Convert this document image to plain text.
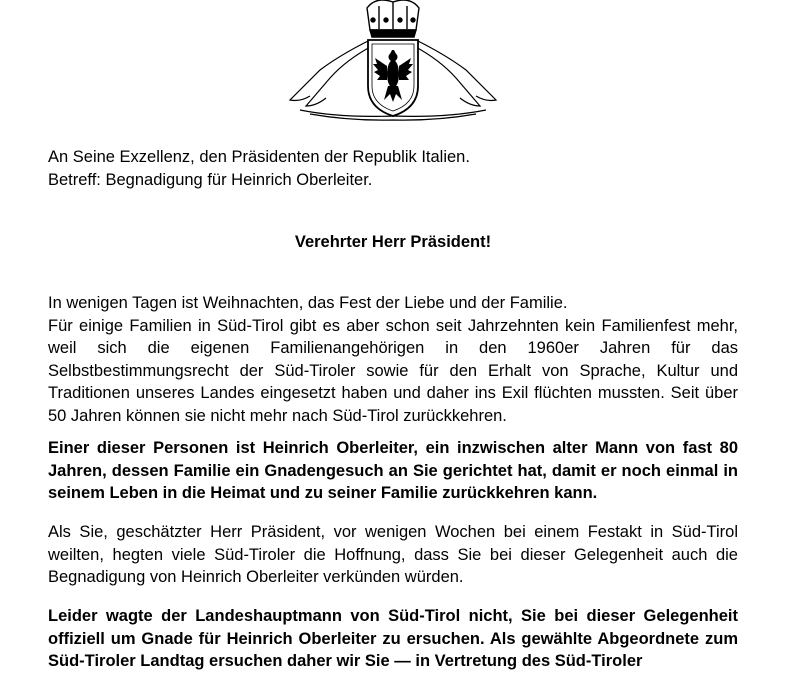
An Seine Exzellenz, den Präsidenten der Republik Italien.
Betreff: Begnadigung für Heinrich Oberleiter.

Verehrter Herr Präsident!

In wenigen Tagen ist Weihnachten, das Fest der Liebe und der Familie.

Für einige Familien in Süd-Tirol gibt es aber schon seit Jahrzehnten kein Familienfest mehr, weil sich die eigenen Familienangehörigen in den 1960er Jahren für das Selbstbestimmungsrecht der Süd-Tiroler sowie für den Erhalt von Sprache, Kultur und Traditionen unseres Landes eingesetzt haben und daher ins Exil flüchten mussten. Seit über 50 Jahren können sie nicht mehr nach Süd-Tirol zurückkehren.

Einer dieser Personen ist Heinrich Oberleiter, ein inzwischen alter Mann von fast 80 Jahren, dessen Familie ein Gnadengesuch an Sie gerichtet hat, damit er noch einmal in seinem Leben in die Heimat und zu seiner Familie zurückkehren kann.

Als Sie, geschätzter Herr Präsident, vor wenigen Wochen bei einem Festakt in Süd-Tirol weilten, hegten viele Süd-Tiroler die Hoffnung, dass Sie bei dieser Gelegenheit auch die Begnadigung von Heinrich Oberleiter verkünden würden.

Leider wagte der Landeshauptmann von Süd-Tirol nicht, Sie bei dieser Gelegenheit offiziell um Gnade für Heinrich Oberleiter zu ersuchen. Als gewählte Abgeordnete zum Süd-Tiroler Landtag ersuchen daher wir Sie — in Vertretung des Süd-Tiroler
